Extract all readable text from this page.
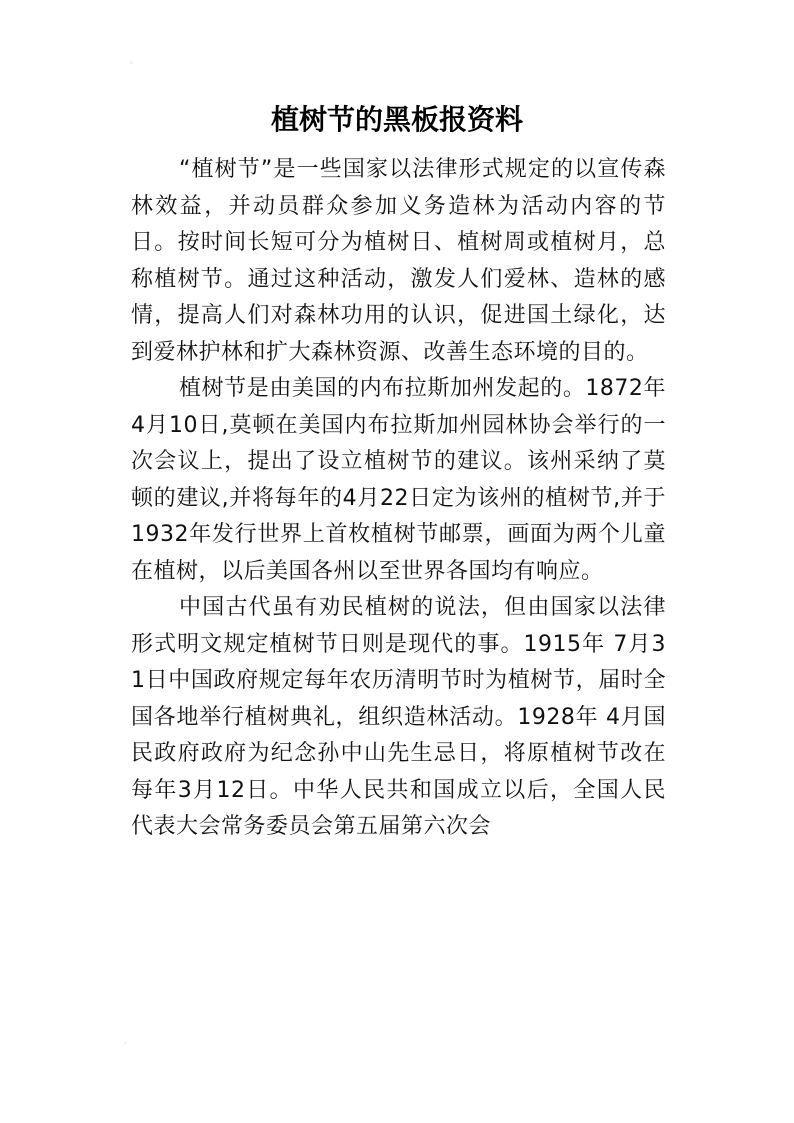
◦
植树节的黑板报资料

“植树节”是一些国家以法律形式规定的以宣传森林效益，并动员群众参加义务造林为活动内容的节日。按时间长短可分为植树日、植树周或植树月，总称植树节。通过这种活动，激发人们爱林、造林的感情，提高人们对森林功用的认识，促进国土绿化，达到爱林护林和扩大森林资源、改善生态环境的目的。

植树节是由美国的内布拉斯加州发起的。1872年4月10日,莫顿在美国内布拉斯加州园林协会举行的一次会议上，提出了设立植树节的建议。该州采纳了莫顿的建议,并将每年的4月22日定为该州的植树节,并于1932年发行世界上首枚植树节邮票，画面为两个儿童在植树，以后美国各州以至世界各国均有响应。

中国古代虽有劝民植树的说法，但由国家以法律形式明文规定植树节日则是现代的事。1915年 7月31日中国政府规定每年农历清明节时为植树节，届时全国各地举行植树典礼，组织造林活动。1928年 4月国民政府政府为纪念孙中山先生忌日，将原植树节改在每年3月12日。中华人民共和国成立以后，全国人民代表大会常务委员会第五届第六次会

⸒
